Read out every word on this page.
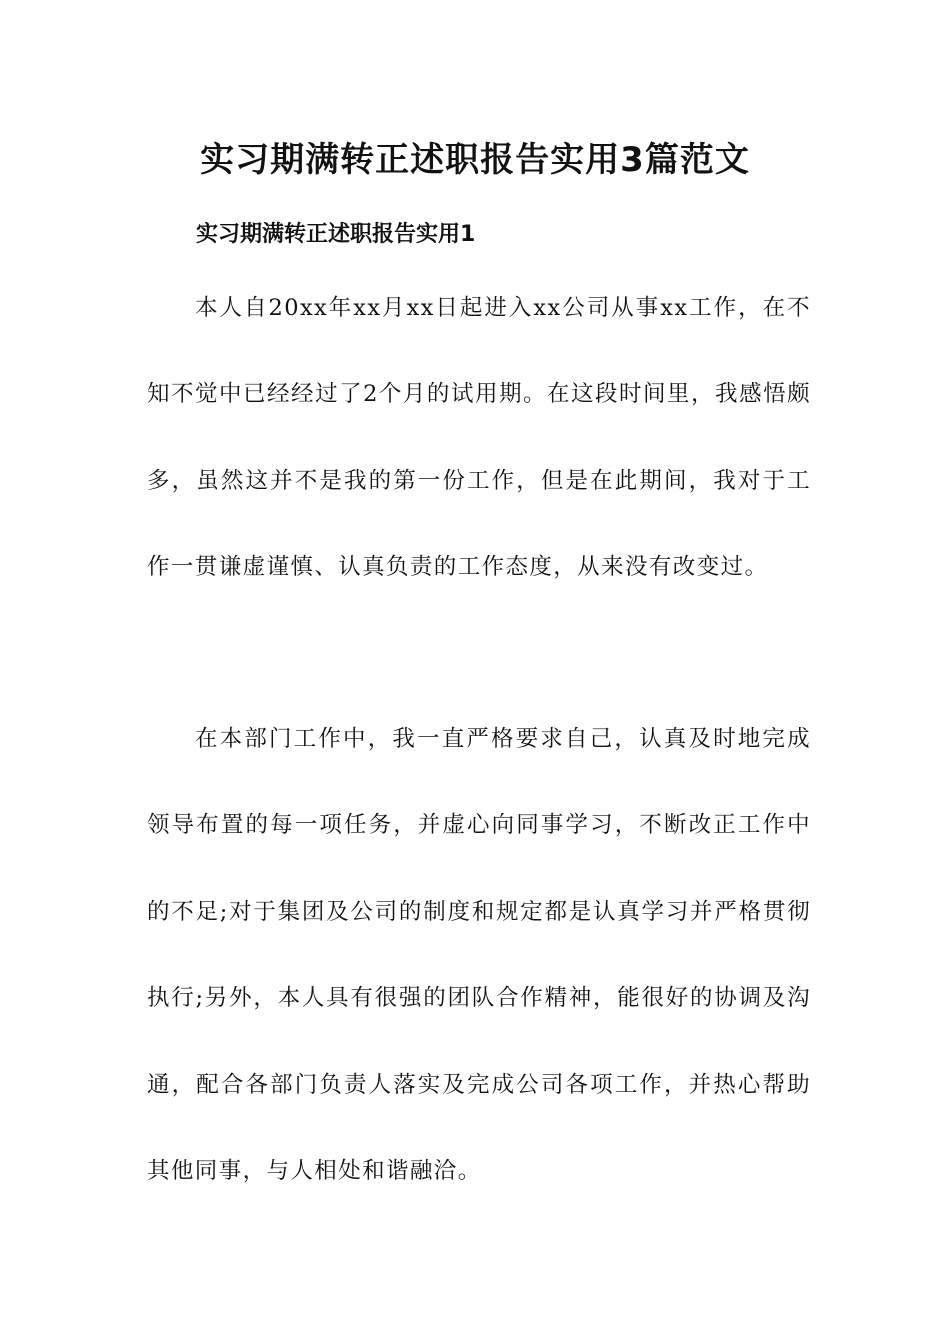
实习期满转正述职报告实用3篇范文
实习期满转正述职报告实用1

本人自20xx年xx月xx日起进入xx公司从事xx工作，在不知不觉中已经经过了2个月的试用期。在这段时间里，我感悟颇多，虽然这并不是我的第一份工作，但是在此期间，我对于工作一贯谦虚谨慎、认真负责的工作态度，从来没有改变过。

在本部门工作中，我一直严格要求自己，认真及时地完成领导布置的每一项任务，并虚心向同事学习，不断改正工作中的不足;对于集团及公司的制度和规定都是认真学习并严格贯彻执行;另外，本人具有很强的团队合作精神，能很好的协调及沟通，配合各部门负责人落实及完成公司各项工作，并热心帮助其他同事，与人相处和谐融洽。
